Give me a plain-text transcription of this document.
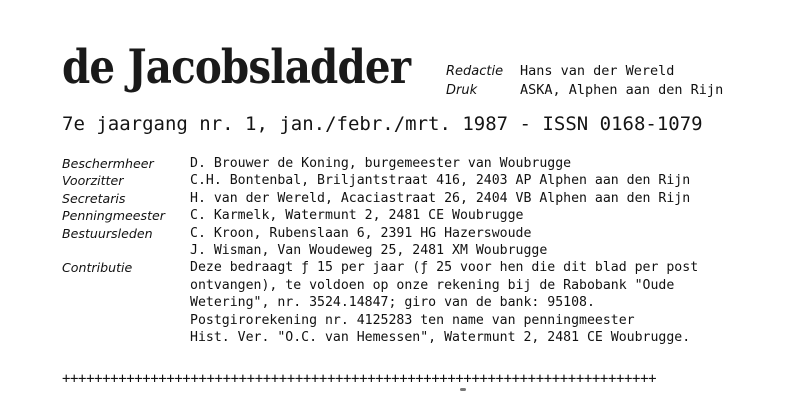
de Jacobsladder	Redactie Hans van der Wereld
Druk	ASKA, Alphen aan den Rijn
7e jaargang nr. 1, jan./febr./mrt. 1987 - ISSN 0168-1079
Beschermheer	D. Brouwer de Koning, burgemeester van Woubrugge
Voorzitter	C.H. Bontenbal, Briljantstraat 416, 2403 AP Alphen aan den Rijn
Secretaris	H. van der Wereld, Acaciastraat 26, 2404 VB Alphen aan den Rijn
Penningmeester	C. Karmelk, Watermunt 2, 2481 CE Woubrugge
Bestuursleden	C. Kroon, Rubenslaan 6, 2391 HG Hazerswoude
J. Wisman, Van Woudeweg 25, 2481 XM Woubrugge
Contributie	Deze bedraagt ƒ 15 per jaar (ƒ 25 voor hen die dit blad per post
ontvangen), te voldoen op onze rekening bij de Rabobank "Oude
Wetering", nr. 3524.14847; giro van de bank: 95108.
Postgirorekening nr. 4125283 ten name van penningmeester
Hist. Ver. "O.C. van Hemessen", Watermunt 2, 2481 CE Woubrugge.
++++++++++++++++++++++++++++++++++++++++++++++++++++++++++++++++++++++++++
